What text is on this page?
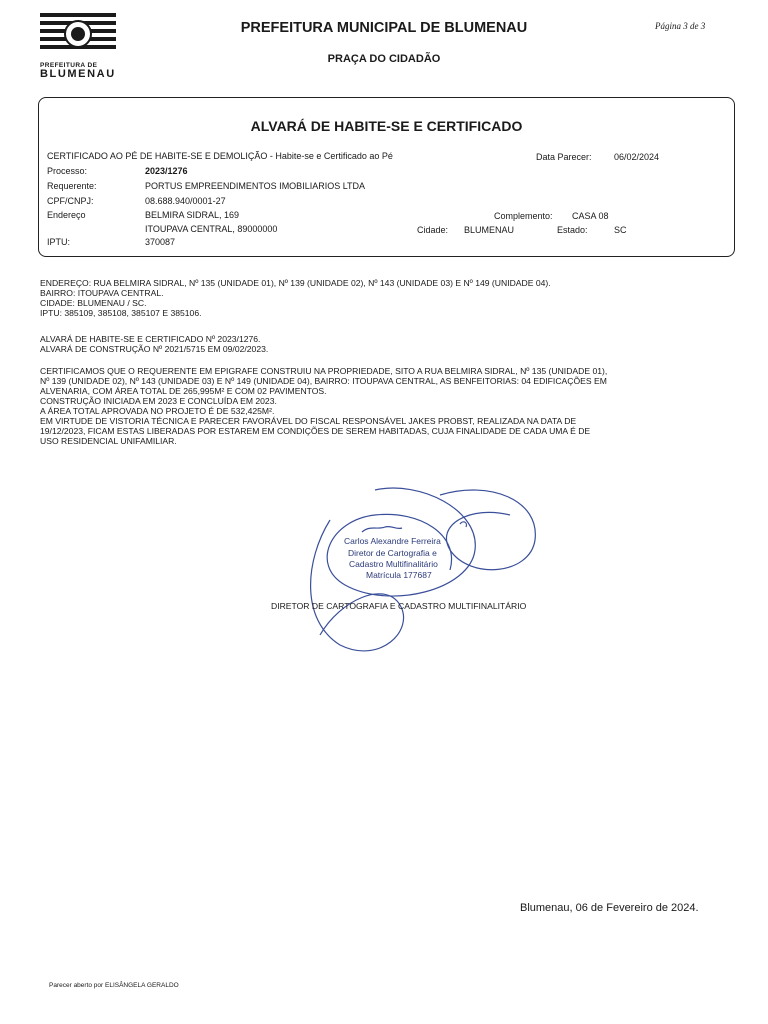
PREFEITURA DE
BLUMENAU
PREFEITURA MUNICIPAL DE BLUMENAU
PRAÇA DO CIDADÃO
Página 3 de 3
ALVARÁ DE HABITE-SE E CERTIFICADO
CERTIFICADO AO PÉ DE HABITE-SE E DEMOLIÇÃO - Habite-se e Certificado ao Pé	Data Parecer: 06/02/2024
Processo:	2023/1276
Requerente:	PORTUS EMPREENDIMENTOS IMOBILIARIOS LTDA
CPF/CNPJ:	08.688.940/0001-27
Endereço	BELMIRA SIDRAL, 169	Complemento: CASA 08
ITOUPAVA CENTRAL, 89000000	Cidade: BLUMENAU	Estado:	SC
IPTU:	370087
ENDEREÇO: RUA BELMIRA SIDRAL, Nº 135 (UNIDADE 01), Nº 139 (UNIDADE 02), Nº 143 (UNIDADE 03) E Nº 149 (UNIDADE 04).
BAIRRO: ITOUPAVA CENTRAL.
CIDADE: BLUMENAU / SC.
IPTU: 385109, 385108, 385107 E 385106.
ALVARÁ DE HABITE-SE E CERTIFICADO Nº 2023/1276.
ALVARÁ DE CONSTRUÇÃO Nº 2021/5715 EM 09/02/2023.
CERTIFICAMOS QUE O REQUERENTE EM EPIGRAFE CONSTRUIU NA PROPRIEDADE, SITO A RUA BELMIRA SIDRAL, Nº 135 (UNIDADE 01),
Nº 139 (UNIDADE 02), Nº 143 (UNIDADE 03) E Nº 149 (UNIDADE 04), BAIRRO: ITOUPAVA CENTRAL, AS BENFEITORIAS: 04 EDIFICAÇÕES EM
ALVENARIA, COM ÁREA TOTAL DE 265,995M² E COM 02 PAVIMENTOS.
CONSTRUÇÃO INICIADA EM 2023 E CONCLUÍDA EM 2023.
A ÁREA TOTAL APROVADA NO PROJETO É DE 532,425M².
EM VIRTUDE DE VISTORIA TÉCNICA E PARECER FAVORÁVEL DO FISCAL RESPONSÁVEL JAKES PROBST, REALIZADA NA DATA DE
19/12/2023, FICAM ESTAS LIBERADAS POR ESTAREM EM CONDIÇÕES DE SEREM HABITADAS, CUJA FINALIDADE DE CADA UMA É DE
USO RESIDENCIAL UNIFAMILIAR.
Carlos Alexandre Ferreira
Diretor de Cartografia e
Cadastro Multifinalitário
Matrícula 177687
DIRETOR DE CARTOGRAFIA E CADASTRO MULTIFINALITÁRIO
Blumenau, 06 de Fevereiro de 2024.
Parecer aberto por ELISÂNGELA GERALDO
